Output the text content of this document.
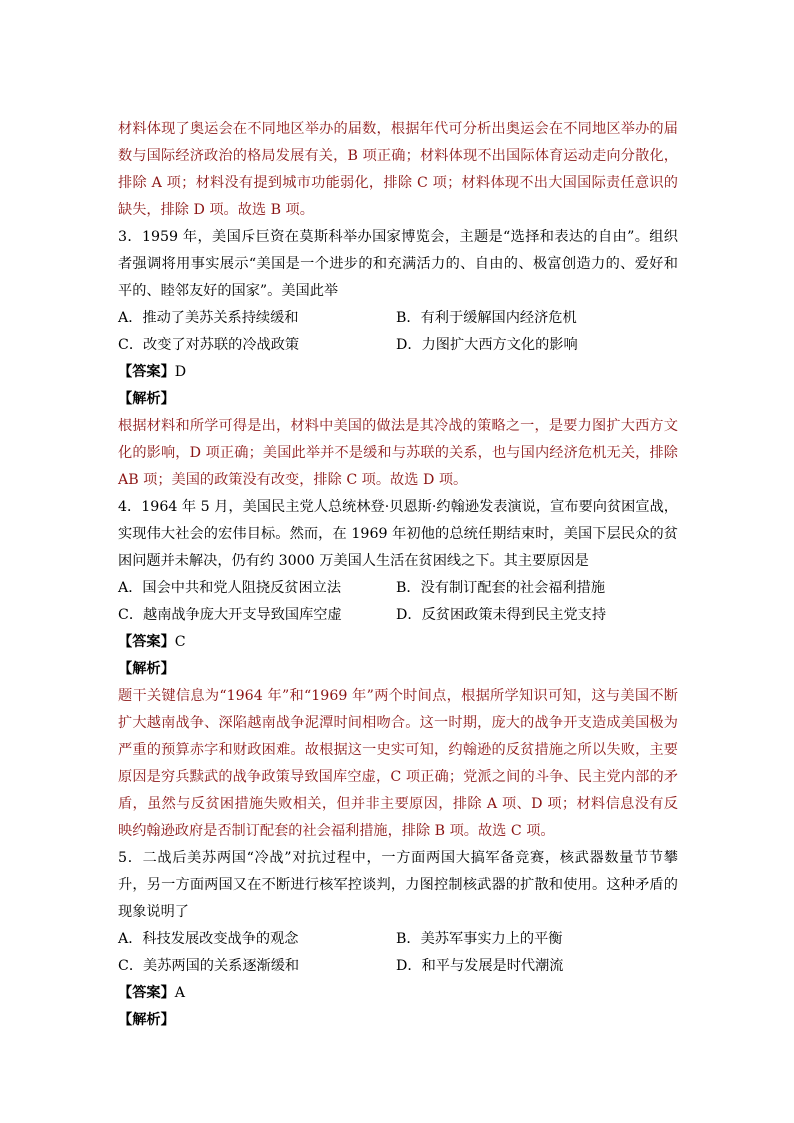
材料体现了奥运会在不同地区举办的届数，根据年代可分析出奥运会在不同地区举办的届数与国际经济政治的格局发展有关，B 项正确；材料体现不出国际体育运动走向分散化，排除 A 项；材料没有提到城市功能弱化，排除 C 项；材料体现不出大国国际责任意识的缺失，排除 D 项。故选 B 项。

3．1959 年，美国斥巨资在莫斯科举办国家博览会，主题是“选择和表达的自由”。组织者强调将用事实展示“美国是一个进步的和充满活力的、自由的、极富创造力的、爱好和平的、睦邻友好的国家”。美国此举

A．推动了美苏关系持续缓和	B．有利于缓解国内经济危机
C．改变了对苏联的冷战政策	D．力图扩大西方文化的影响

【答案】D

【解析】

根据材料和所学可得是出，材料中美国的做法是其冷战的策略之一，是要力图扩大西方文化的影响，D 项正确；美国此举并不是缓和与苏联的关系，也与国内经济危机无关，排除 AB 项；美国的政策没有改变，排除 C 项。故选 D 项。

4．1964 年 5 月，美国民主党人总统林登·贝恩斯·约翰逊发表演说，宣布要向贫困宣战，实现伟大社会的宏伟目标。然而，在 1969 年初他的总统任期结束时，美国下层民众的贫困问题并未解决，仍有约 3000 万美国人生活在贫困线之下。其主要原因是

A．国会中共和党人阻挠反贫困立法	B．没有制订配套的社会福利措施
C．越南战争庞大开支导致国库空虚	D．反贫困政策未得到民主党支持

【答案】C

【解析】

题干关键信息为“1964 年”和“1969 年”两个时间点，根据所学知识可知，这与美国不断扩大越南战争、深陷越南战争泥潭时间相吻合。这一时期，庞大的战争开支造成美国极为严重的预算赤字和财政困难。故根据这一史实可知，约翰逊的反贫措施之所以失败，主要原因是穷兵黩武的战争政策导致国库空虚，C 项正确；党派之间的斗争、民主党内部的矛盾，虽然与反贫困措施失败相关，但并非主要原因，排除 A 项、D 项；材料信息没有反映约翰逊政府是否制订配套的社会福利措施，排除 B 项。故选 C 项。

5．二战后美苏两国“冷战”对抗过程中，一方面两国大搞军备竞赛，核武器数量节节攀升，另一方面两国又在不断进行核军控谈判，力图控制核武器的扩散和使用。这种矛盾的现象说明了

A．科技发展改变战争的观念	B．美苏军事实力上的平衡
C．美苏两国的关系逐渐缓和	D．和平与发展是时代潮流

【答案】A

【解析】
